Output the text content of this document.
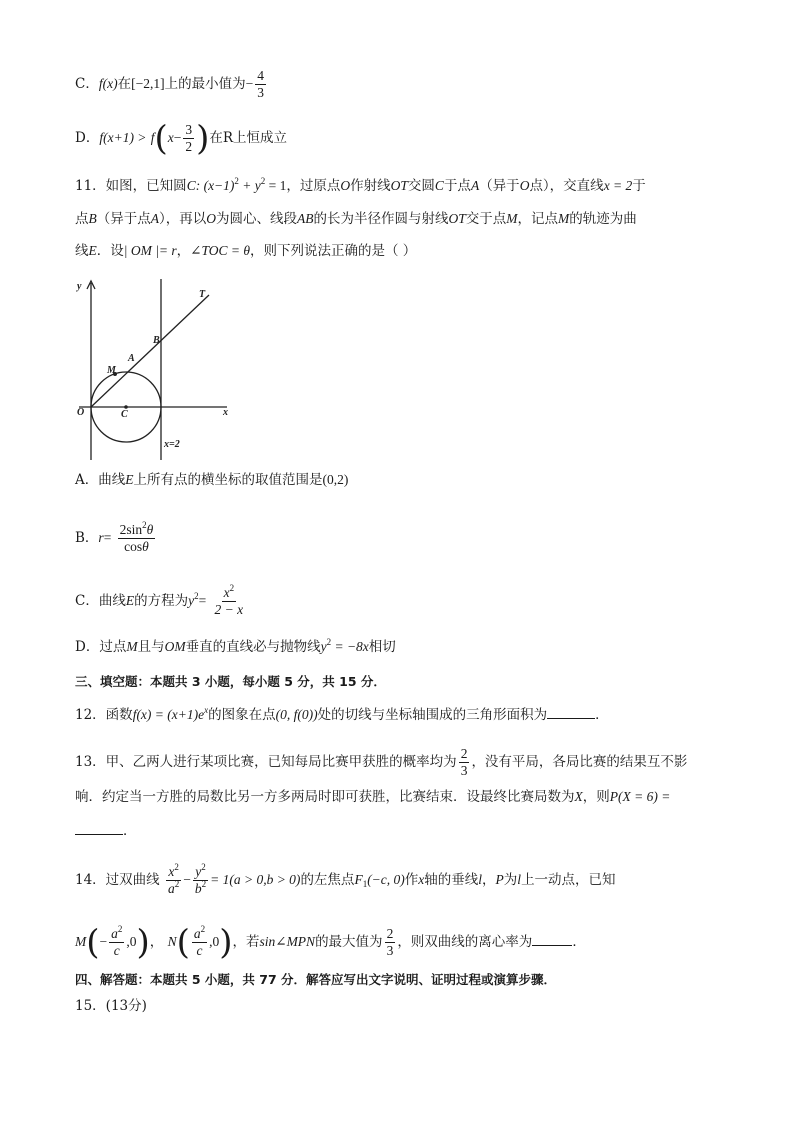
C．f(x)在[−2,1]上的最小值为− $\frac{4}{3}$
D．$f(x+1) > f(x- \frac{3}{2}$ )在R上恒成立
11．如图，已知圆C: $(x-1)^2 + y^2 = 1$，过原点O作射线OT交圆C于点A（异于O点），交直线x = 2于
点B（异于点A），再以O为圆心、线段AB的长为半径作圆与射线OT交于点M，记点M的轨迹为曲
线E．设| OM |= r，∠TOC = θ，则下列说法正确的是（ ）
y
T
B
A
M
O	C	x
x=2
A．曲线E上所有点的横坐标的取值范围是(0,2)
B．$r= \frac{2\sin^2\theta}{\cos\theta}$
C．曲线E的方程为$y^2= \frac{x^2}{2 - x}$
D．过点M且与OM垂直的直线必与抛物线$y^2 = -8x$相切
三、填空题：本题共 3 小题，每小题 5 分，共 15 分．
12．函数$f(x) = (x+1)e^x$的图象在点(0, f(0))处的切线与坐标轴围成的三角形面积为	．
13．甲、乙两人进行某项比赛，已知每局比赛甲获胜的概率均为 $\frac{2}{3}$ ，没有平局，各局比赛的结果互不影
响．约定当一方胜的局数比另一方多两局时即可获胜，比赛结束．设最终比赛局数为X，则P(X = 6) =
．
14．过双曲线 $\frac{x^2}{a^2} - \frac{y^2}{b^2} = 1(a > 0,b > 0)$的左焦点$F_1(-c$, 0)作x轴的垂线l，P为l上一动点，已知
$M(- \frac{a^2}{c} ,0)$， $N( \frac{a^2}{c} ,0)$，若sin∠MPN的最大值为 $\frac{2}{3}$ ，则双曲线的离心率为	．
四、解答题：本题共 5 小题，共 77 分．解答应写出文字说明、证明过程或演算步骤．
15．(13分)
